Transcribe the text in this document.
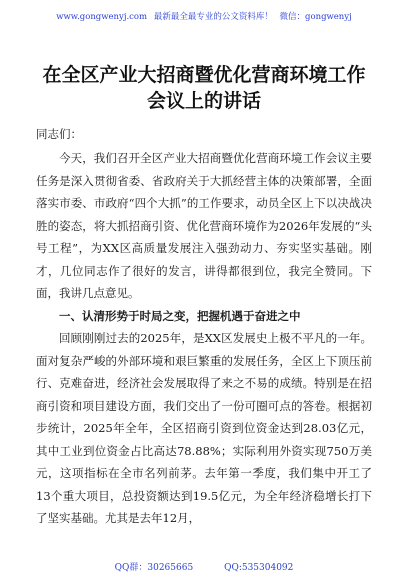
www.gongwenyj.com 最新最全最专业的公文资料库！ 微信：gongwenyj
在全区产业大招商暨优化营商环境工作会议上的讲话
同志们：

今天，我们召开全区产业大招商暨优化营商环境工作会议主要任务是深入贯彻省委、省政府关于大抓经营主体的决策部署，全面落实市委、市政府“四个大抓”的工作要求，动员全区上下以决战决胜的姿态，将大抓招商引资、优化营商环境作为2026年发展的“头号工程”，为XX区高质量发展注入强劲动力、夯实坚实基础。刚才，几位同志作了很好的发言，讲得都很到位，我完全赞同。下面，我讲几点意见。

一、认清形势于时局之变，把握机遇于奋进之中

回顾刚刚过去的2025年，是XX区发展史上极不平凡的一年。面对复杂严峻的外部环境和艰巨繁重的发展任务，全区上下顶压前行、克难奋进，经济社会发展取得了来之不易的成绩。特别是在招商引资和项目建设方面，我们交出了一份可圈可点的答卷。根据初步统计，2025年全年，全区招商引资到位资金达到28.03亿元，其中工业到位资金占比高达78.88%；实际利用外资实现750万美元，这项指标在全市名列前茅。去年第一季度，我们集中开工了13个重大项目，总投资额达到19.5亿元，为全年经济稳增长打下了坚实基础。尤其是去年12月，

QQ群：30265665	QQ:535304092
